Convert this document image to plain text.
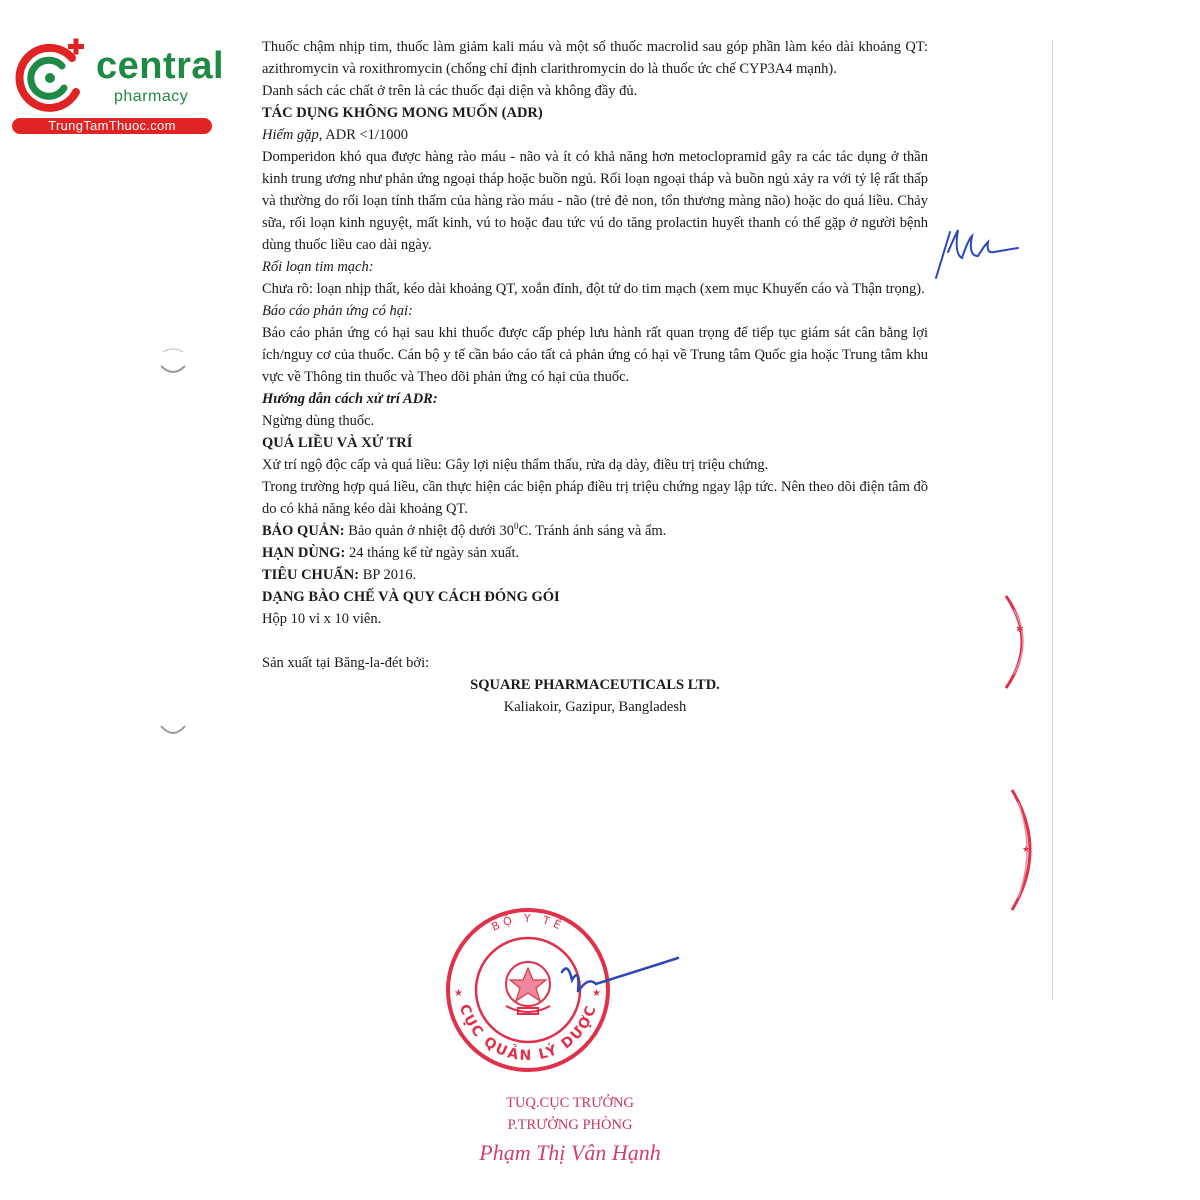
central
pharmacy
TrungTamThuoc.com

Thuốc chậm nhịp tim, thuốc làm giảm kali máu và một số thuốc macrolid sau góp phần làm kéo dài khoảng QT: azithromycin và roxithromycin (chống chỉ định clarithromycin do là thuốc ức chế CYP3A4 mạnh).

Danh sách các chất ở trên là các thuốc đại diện và không đầy đủ.

TÁC DỤNG KHÔNG MONG MUỐN (ADR)

Hiếm gặp, ADR <1/1000

Domperidon khó qua được hàng rào máu - não và ít có khả năng hơn metoclopramid gây ra các tác dụng ở thần kinh trung ương như phản ứng ngoại tháp hoặc buồn ngủ. Rối loạn ngoại tháp và buồn ngủ xảy ra với tỷ lệ rất thấp và thường do rối loạn tính thấm của hàng rào máu - não (trẻ đẻ non, tổn thương màng não) hoặc do quá liều. Chảy sữa, rối loạn kinh nguyệt, mất kinh, vú to hoặc đau tức vú do tăng prolactin huyết thanh có thể gặp ở người bệnh dùng thuốc liều cao dài ngày.

Rối loạn tim mạch:

Chưa rõ: loạn nhịp thất, kéo dài khoảng QT, xoắn đỉnh, đột tử do tim mạch (xem mục Khuyến cáo và Thận trọng).

Báo cáo phản ứng có hại:

Báo cáo phản ứng có hại sau khi thuốc được cấp phép lưu hành rất quan trọng để tiếp tục giám sát cân bằng lợi ích/nguy cơ của thuốc. Cán bộ y tế cần báo cáo tất cả phản ứng có hại về Trung tâm Quốc gia hoặc Trung tâm khu vực về Thông tin thuốc và Theo dõi phản ứng có hại của thuốc.

Hướng dẫn cách xử trí ADR:

Ngừng dùng thuốc.

QUÁ LIỀU VÀ XỬ TRÍ

Xử trí ngộ độc cấp và quá liều: Gây lợi niệu thẩm thấu, rửa dạ dày, điều trị triệu chứng.

Trong trường hợp quá liều, cần thực hiện các biện pháp điều trị triệu chứng ngay lập tức. Nên theo dõi điện tâm đồ do có khả năng kéo dài khoảng QT.

BẢO QUẢN: Bảo quản ở nhiệt độ dưới $30^0C$. Tránh ánh sáng và ẩm.

HẠN DÙNG: 24 tháng kể từ ngày sản xuất.

TIÊU CHUẨN: BP 2016.

DẠNG BÀO CHẾ VÀ QUY CÁCH ĐÓNG GÓI

Hộp 10 vỉ x 10 viên.

Sản xuất tại Băng-la-đét bởi:

SQUARE PHARMACEUTICALS LTD.

Kaliakoir, Gazipur, Bangladesh

✱
★
BỘ Y TẾ
CỤC QUẢN LÝ DƯỢC
★	★
TUQ.CỤC TRƯỞNG
P.TRƯỞNG PHÒNG
Phạm Thị Vân Hạnh
